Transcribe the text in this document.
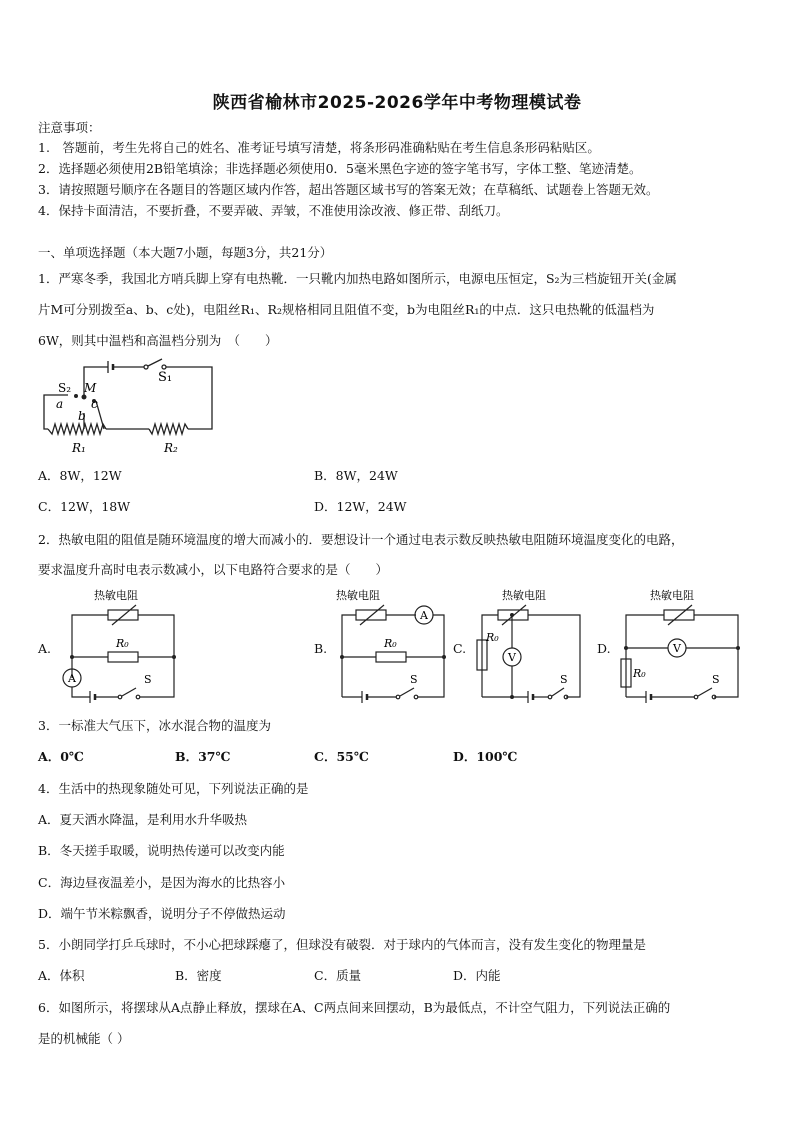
陕西省榆林市2025-2026学年中考物理模试卷
注意事项：
1.　答题前，考生先将自己的姓名、准考证号填写清楚，将条形码准确粘贴在考生信息条形码粘贴区。
2．选择题必须使用2B铅笔填涂；非选择题必须使用0．5毫米黑色字迹的签字笔书写，字体工整、笔迹清楚。
3．请按照题号顺序在各题目的答题区域内作答，超出答题区域书写的答案无效；在草稿纸、试题卷上答题无效。
4．保持卡面清洁，不要折叠，不要弄破、弄皱，不准使用涂改液、修正带、刮纸刀。
一、单项选择题（本大题7小题，每题3分，共21分）
1．严寒冬季，我国北方哨兵脚上穿有电热靴．一只靴内加热电路如图所示，电源电压恒定，S₂为三档旋钮开关(金属
片M可分别拨至a、b、c处)，电阻丝R₁、R₂规格相同且阻值不变，b为电阻丝R₁的中点．这只电热靴的低温档为
6W，则其中温档和高温档分别为　（　　）
S₁
S₂ M
a c
b
R₁	R₂
A．8W，12W	B．8W，24W
C．12W，18W	D．12W，24W
2．热敏电阻的阻值是随环境温度的增大而减小的．要想设计一个通过电表示数反映热敏电阻随环境温度变化的电路，
要求温度升高时电表示数减小，以下电路符合要求的是（　　）
A.
热敏电阻
R₀
A	S
B.
热敏电阻
R₀
A
S
C.
热敏电阻
R₀
V
S
D.
热敏电阻
R₀
V
S
3．一标准大气压下，冰水混合物的温度为
A．0℃	B．37℃	C．55℃	D．100℃
4．生活中的热现象随处可见，下列说法正确的是
A．夏天洒水降温，是利用水升华吸热
B．冬天搓手取暖，说明热传递可以改变内能
C．海边昼夜温差小，是因为海水的比热容小
D．端午节米粽飘香，说明分子不停做热运动
5．小朗同学打乒乓球时，不小心把球踩瘪了，但球没有破裂．对于球内的气体而言，没有发生变化的物理量是
A．体积	B．密度	C．质量	D．内能
6．如图所示，将摆球从A点静止释放，摆球在A、C两点间来回摆动，B为最低点，不计空气阻力，下列说法正确的
是的机械能（ ）
